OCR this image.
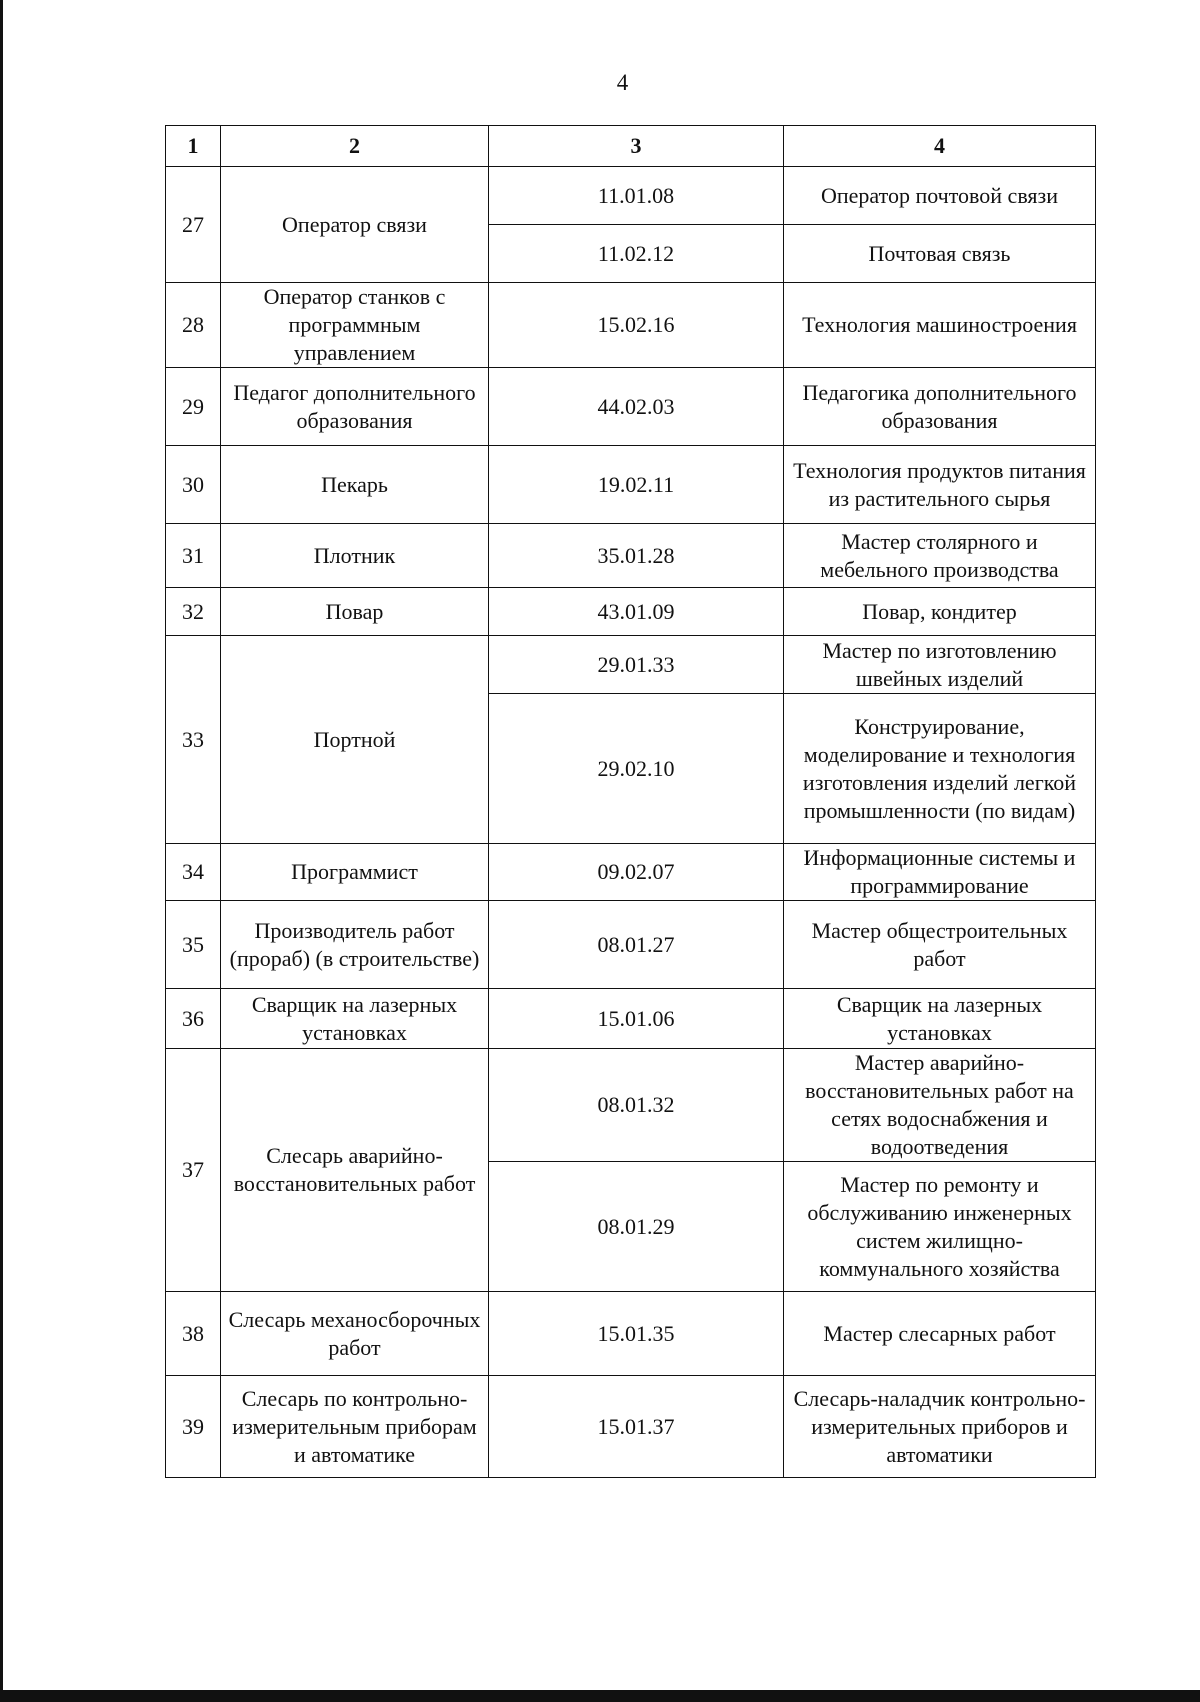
4
1	2	3	4
27	Оператор связи	11.01.08	Оператор почтовой связи
		11.02.12	Почтовая связь
28	Оператор станков с программным управлением	15.02.16	Технология машиностроения
29	Педагог дополнительного образования	44.02.03	Педагогика дополнительного образования
30	Пекарь	19.02.11	Технология продуктов питания из растительного сырья
31	Плотник	35.01.28	Мастер столярного и мебельного производства
32	Повар	43.01.09	Повар, кондитер
33	Портной	29.01.33	Мастер по изготовлению швейных изделий
		29.02.10	Конструирование, моделирование и технология изготовления изделий легкой промышленности (по видам)
34	Программист	09.02.07	Информационные системы и программирование
35	Производитель работ (прораб) (в строительстве)	08.01.27	Мастер общестроительных работ
36	Сварщик на лазерных установках	15.01.06	Сварщик на лазерных установках
37	Слесарь аварийно-восстановительных работ	08.01.32	Мастер аварийно-восстановительных работ на сетях водоснабжения и водоотведения
		08.01.29	Мастер по ремонту и обслуживанию инженерных систем жилищно-коммунального хозяйства
38	Слесарь механосборочных работ	15.01.35	Мастер слесарных работ
39	Слесарь по контрольно-измерительным приборам и автоматике	15.01.37	Слесарь-наладчик контрольно-измерительных приборов и автоматики
